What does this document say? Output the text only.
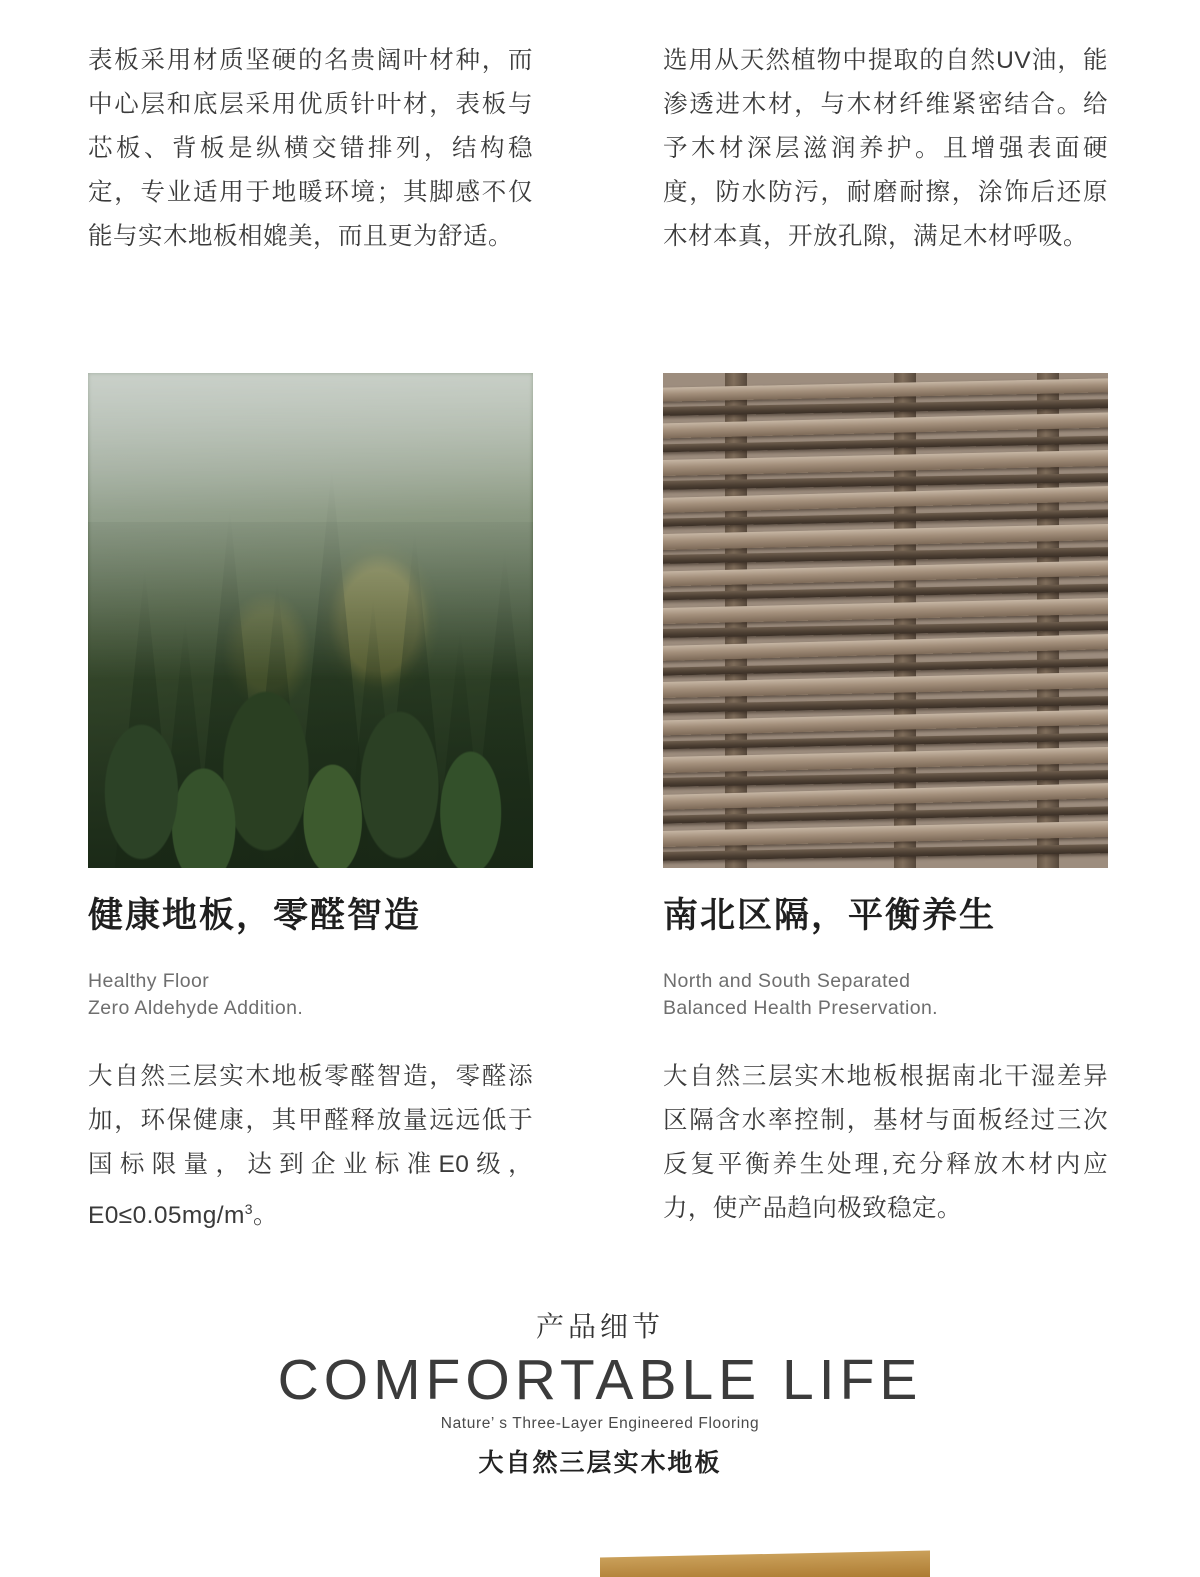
表板采用材质坚硬的名贵阔叶材种，而中心层和底层采用优质针叶材，表板与芯板、背板是纵横交错排列，结构稳定，专业适用于地暖环境；其脚感不仅能与实木地板相媲美，而且更为舒适。

选用从天然植物中提取的自然UV油，能渗透进木材，与木材纤维紧密结合。给予木材深层滋润养护。且增强表面硬度，防水防污，耐磨耐擦，涂饰后还原木材本真，开放孔隙，满足木材呼吸。

健康地板，零醛智造
Healthy Floor
Zero Aldehyde Addition.

大自然三层实木地板零醛智造，零醛添加，环保健康，其甲醛释放量远远低于国标限量，达到企业标准E0级，$E0\le 0.05mg/m^3$。

南北区隔，平衡养生
North and South Separated
Balanced Health Preservation.

大自然三层实木地板根据南北干湿差异区隔含水率控制，基材与面板经过三次反复平衡养生处理,充分释放木材内应力，使产品趋向极致稳定。

产品细节
COMFORTABLE LIFE
Nature’ s Three-Layer Engineered Flooring
大自然三层实木地板
